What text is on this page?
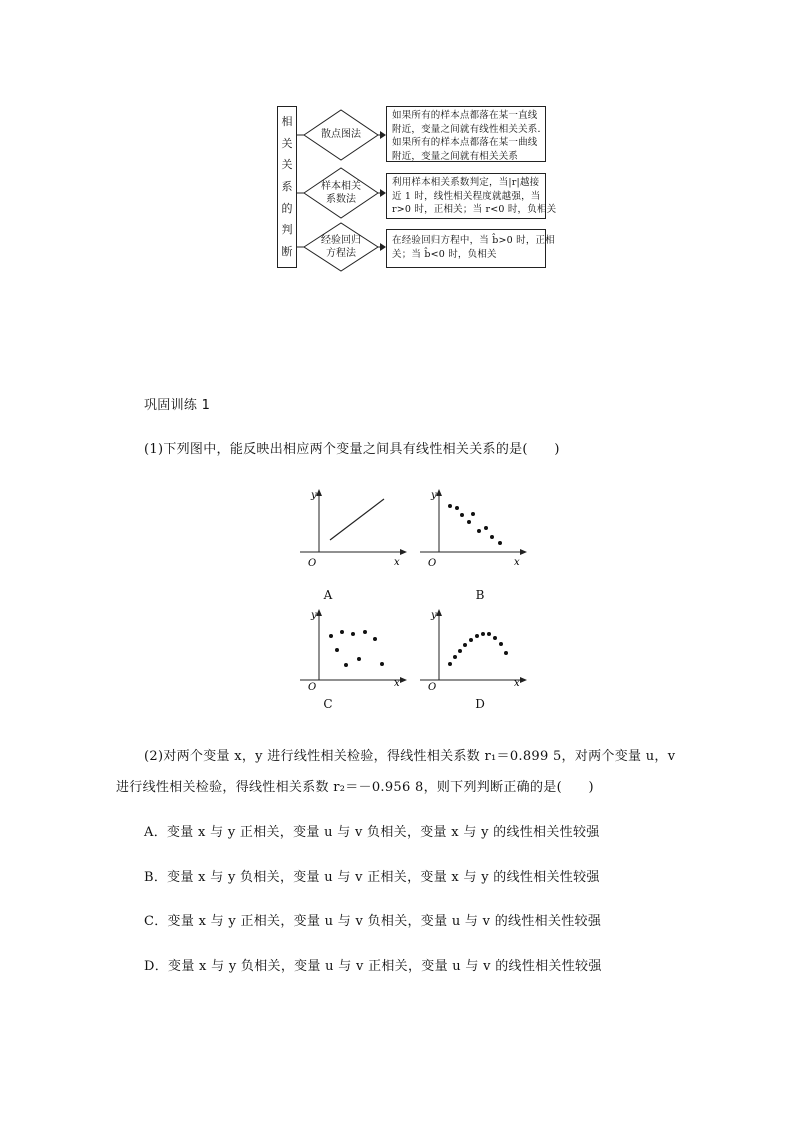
相
关
关
系
的
判
断
散点图法
样本相关
系数法
经验回归
方程法
如果所有的样本点都落在某一直线
附近，变量之间就有线性相关关系．
如果所有的样本点都落在某一曲线
附近，变量之间就有相关关系
利用样本相关系数判定，当|r|越接
近 1 时，线性相关程度就越强，当
r>0 时，正相关；当 r<0 时，负相关
在经验回归方程中，当 b̂>0 时，正相
关；当 b̂<0 时，负相关
巩固训练 1
(1)下列图中，能反映出相应两个变量之间具有线性相关关系的是(　　)
y
x
O
A
y
x
O
B
y
x
O
C
y
x
O
D
(2)对两个变量 x，y 进行线性相关检验，得线性相关系数 r₁＝0.899 5，对两个变量 u，v
进行线性相关检验，得线性相关系数 r₂＝－0.956 8，则下列判断正确的是(　　)
A．变量 x 与 y 正相关，变量 u 与 v 负相关，变量 x 与 y 的线性相关性较强
B．变量 x 与 y 负相关，变量 u 与 v 正相关，变量 x 与 y 的线性相关性较强
C．变量 x 与 y 正相关，变量 u 与 v 负相关，变量 u 与 v 的线性相关性较强
D．变量 x 与 y 负相关，变量 u 与 v 正相关，变量 u 与 v 的线性相关性较强
